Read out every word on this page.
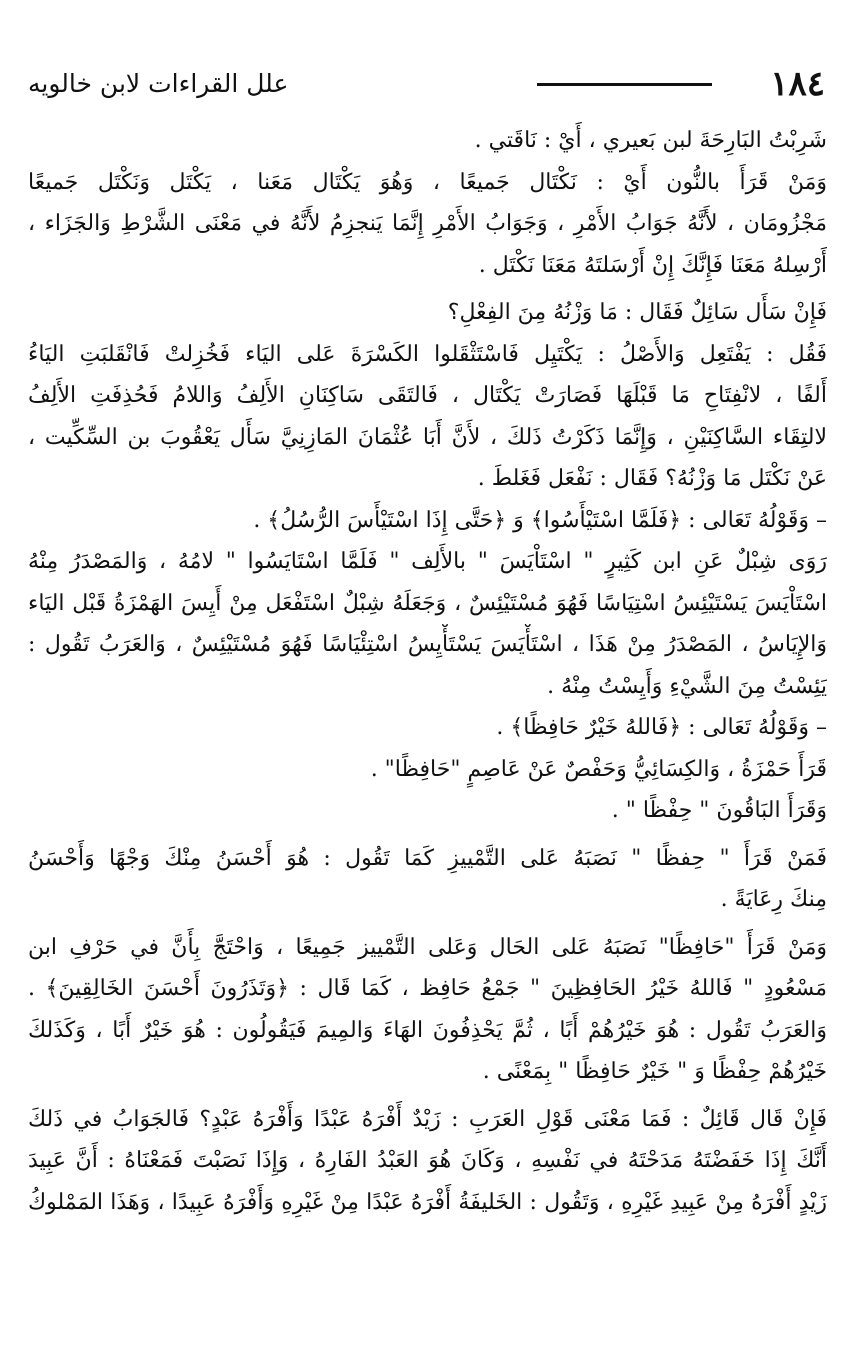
١٨٤
علل القراءات لابن خالويه
شَرِبْتُ البَارِحَةَ لبن بَعيري ، أَيْ : نَاقَتي .
وَمَنْ قَرَأَ بالنُّون أَيْ : نَكْتَال جَميعًا ، وَهُوَ يَكْتَال مَعَنا ، يَكْتَل وَنَكْتَل جَميعًا
مَجْزُومَان ، لأَنَّهُ جَوَابُ الأَمْرِ ، وَجَوَابُ الأَمْرِ إِنَّمَا يَنجزِمُ لأَنَّهُ في مَعْنَى الشَّرْطِ وَالجَزَاء ،
أَرْسِلهُ مَعَنَا فَإِنَّكَ إِنْ أَرْسَلتَهُ مَعَنَا نَكْتَل .
فَإِنْ سَأَل سَائِلٌ فَقَال : مَا وَزْنُهُ مِنَ الفِعْلِ؟
فَقُل : يَفْتَعِل وَالأَصْلُ : يَكْتَيِل فَاسْتَثْقَلوا الكَسْرَةَ عَلى اليَاء فَخُزِلتْ فَانْقَلبَتِ اليَاءُ
أَلفًا ، لانْفِتَاحِ مَا قَبْلَهَا فَصَارَتْ يَكْتَال ، فَالتَقَى سَاكِنَانِ الأَلِفُ وَاللامُ فَحُذِفَتِ الأَلِفُ
لالتِقَاء السَّاكِنَيْنِ ، وَإِنَّمَا ذَكَرْتُ ذَلكَ ، لأَنَّ أَبَا عُثْمَانَ المَازِنِيَّ سَأَل يَعْقُوبَ بن السِّكِّيت ،
عَنْ نَكْتَل مَا وَزْنُهُ؟ فَقَال : نَفْعَل فَغَلطَ .
– وَقَوْلُهُ تَعَالى : ﴿فَلَمَّا اسْتَيْأَسُوا﴾ وَ ﴿حَتَّى إِذَا اسْتَيْأَسَ الرُّسُلُ﴾ .
رَوَى شِبْلٌ عَنِ ابن كَثِيرٍ " اسْتَاْيَسَ " بالأَلِف " فَلَمَّا اسْتَايَسُوا " لامُهُ ، وَالمَصْدَرُ مِنْهُ
اسْتَاْيَسَ يَسْتَيْئِسُ اسْتِيَاسًا فَهُوَ مُسْتَيْئِسٌ ، وَجَعَلَهُ شِبْلٌ اسْتَفْعَل مِنْ أَيِسَ الهَمْزَةُ قَبْل اليَاء
وَالإِيَاسُ ، المَصْدَرُ مِنْ هَذَا ، اسْتَأْيَسَ يَسْتَأْيِسُ اسْتِئْيَاسًا فَهُوَ مُسْتَيْئِسٌ ، وَالعَرَبُ تَقُول :
يَئِسْتُ مِنَ الشَّيْءِ وَأَيِسْتُ مِنْهُ .
– وَقَوْلُهُ تَعَالى : ﴿فَاللهُ خَيْرٌ حَافِظًا﴾ .
قَرَأَ حَمْزَةُ ، وَالكِسَائِيُّ وَحَفْصٌ عَنْ عَاصِمٍ "حَافِظًا" .
وَقَرَأَ البَاقُونَ " حِفْظًا " .
فَمَنْ قَرَأَ " حِفظًا " نَصَبَهُ عَلى التَّمْييزِ كَمَا تَقُول : هُوَ أَحْسَنُ مِنْكَ وَجْهًا وَأَحْسَنُ
مِنكَ رِعَايَةً .
وَمَنْ قَرَأَ "حَافِظًا" نَصَبَهُ عَلى الحَال وَعَلى التَّمْييز جَمِيعًا ، وَاحْتَجَّ بِأَنَّ في حَرْفِ ابن
مَسْعُودٍ " فَاللهُ خَيْرُ الحَافِظِينَ " جَمْعُ حَافِظ ، كَمَا قَال : ﴿وَتَذَرُونَ أَحْسَنَ الخَالِقِينَ﴾ .
وَالعَرَبُ تَقُول : هُوَ خَيْرُهُمْ أَبًا ، ثُمَّ يَحْذِفُونَ الهَاءَ وَالمِيمَ فَيَقُولُون : هُوَ خَيْرٌ أَبًا ، وَكَذَلكَ
خَيْرُهُمْ حِفْظًا وَ " خَيْرٌ حَافِظًا " بِمَعْنًى .
فَإِنْ قَال قَائِلٌ : فَمَا مَعْنَى قَوْلِ العَرَبِ : زَيْدٌ أَفْرَهُ عَبْدًا وَأَفْرَهُ عَبْدٍ؟ فَالجَوَابُ في ذَلكَ
أَنَّكَ إِذَا خَفَضْتَهُ مَدَحْتَهُ في نَفْسِهِ ، وَكَانَ هُوَ العَبْدُ الفَارِهُ ، وَإِذَا نَصَبْتَ فَمَعْنَاهُ : أَنَّ عَبِيدَ
زَيْدٍ أَفْرَهُ مِنْ عَبِيدِ غَيْرِهِ ، وَتَقُول : الخَليفَةُ أَفْرَهُ عَبْدًا مِنْ غَيْرِهِ وَأَفْرَهُ عَبِيدًا ، وَهَذَا المَمْلوكُ
